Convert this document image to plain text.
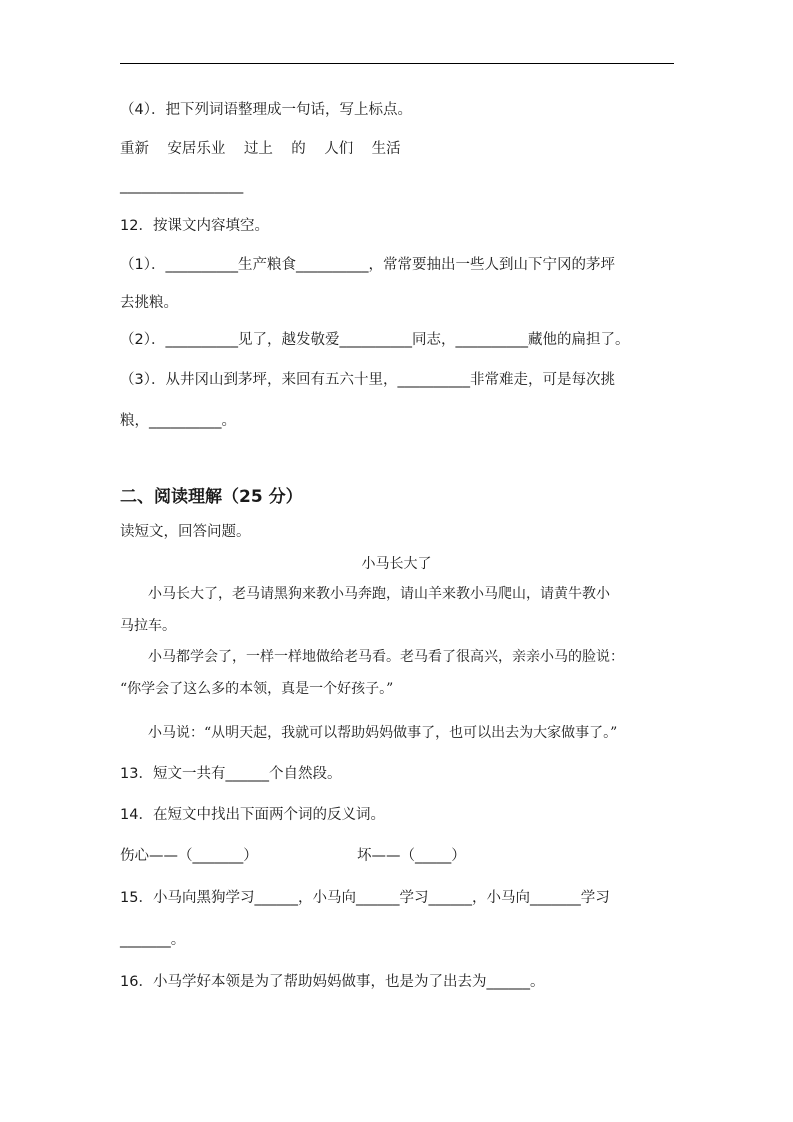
（4）．把下列词语整理成一句话，写上标点。
重新    安居乐业    过上    的    人们    生活
_________________
12．按课文内容填空。
（1）．__________生产粮食__________，常常要抽出一些人到山下宁冈的茅坪
去挑粮。
（2）．__________见了，越发敬爱__________同志，__________藏他的扁担了。
（3）．从井冈山到茅坪，来回有五六十里，__________非常难走，可是每次挑
粮，__________。
二、阅读理解（25 分）
读短文，回答问题。
小马长大了
小马长大了，老马请黑狗来教小马奔跑，请山羊来教小马爬山，请黄牛教小
马拉车。
小马都学会了，一样一样地做给老马看。老马看了很高兴，亲亲小马的脸说：
“你学会了这么多的本领，真是一个好孩子。”
小马说：“从明天起，我就可以帮助妈妈做事了，也可以出去为大家做事了。”
13．短文一共有______个自然段。
14．在短文中找出下面两个词的反义词。
伤心——（_______）	坏——（_____）
15．小马向黑狗学习______，小马向______学习______，小马向_______学习
_______。
16．小马学好本领是为了帮助妈妈做事，也是为了出去为______。
